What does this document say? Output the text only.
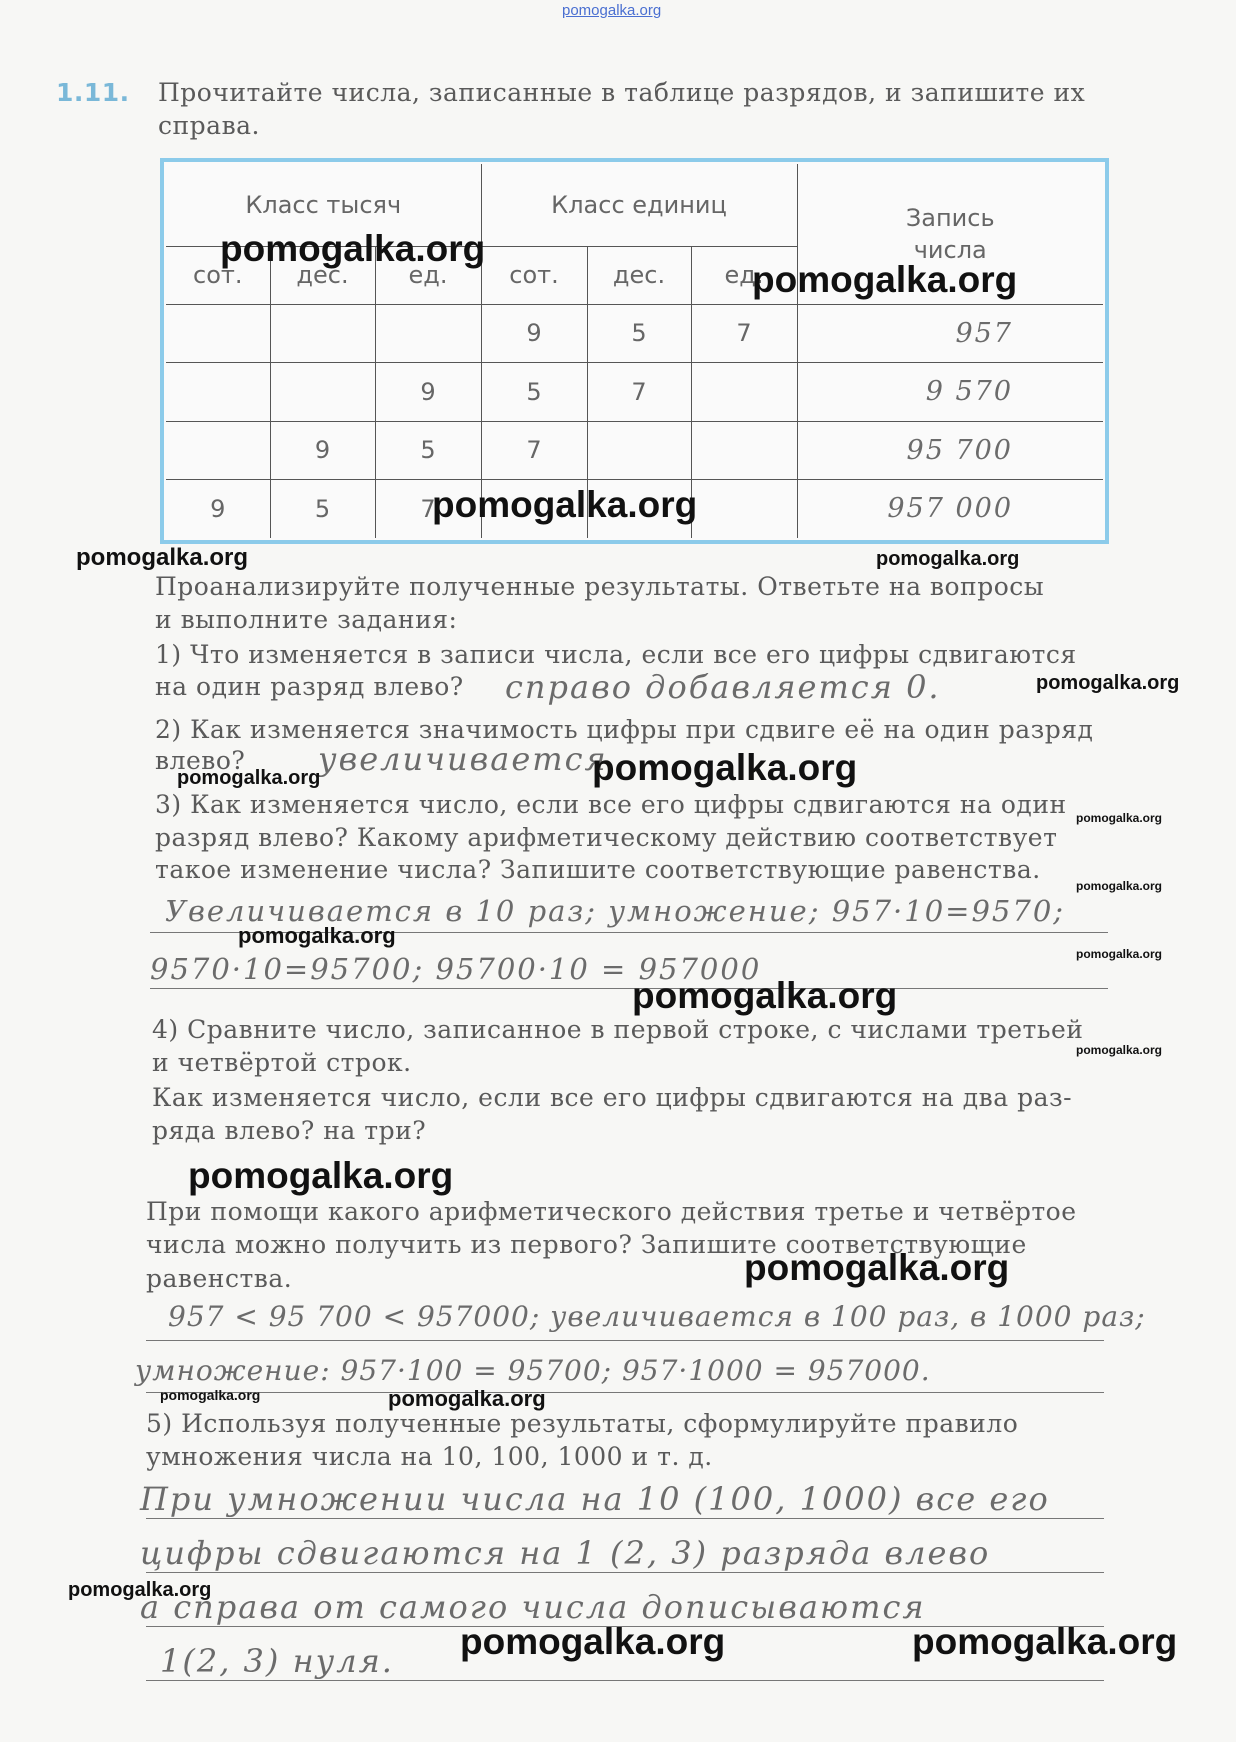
pomogalka.org
1.11. Прочитайте числа, записанные в таблице разрядов, и запишите их
справа.
Класс тысяч			Класс единиц			Запись
числа
сот.	дес.	ед.	сот.	дес.	ед.	
			9	5	7	957
		9	5	7		9 570
	9	5	7			95 700
9	5	7				957 000
Проанализируйте полученные результаты. Ответьте на вопросы
и выполните задания:
1) Что изменяется в записи числа, если все его цифры сдвигаются
на один разряд влево? справо добавляется 0.
2) Как изменяется значимость цифры при сдвиге её на один разряд
влево? увеличивается
3) Как изменяется число, если все его цифры сдвигаются на один
разряд влево? Какому арифметическому действию соответствует
такое изменение числа? Запишите соответствующие равенства.
Увеличивается в 10 раз; умножение; 957·10=9570;
9570·10=95700; 95700·10 = 957000
4) Сравните число, записанное в первой строке, с числами третьей
и четвёртой строк.
Как изменяется число, если все его цифры сдвигаются на два раз-
ряда влево? на три?
При помощи какого арифметического действия третье и четвёртое
числа можно получить из первого? Запишите соответствующие
равенства.
957 < 95 700 < 957000; увеличивается в 100 раз, в 1000 раз;
умножение: 957·100 = 95700; 957·1000 = 957000.
5) Используя полученные результаты, сформулируйте правило
умножения числа на 10, 100, 1000 и т. д.
При умножении числа на 10 (100, 1000) все его
цифры сдвигаются на 1 (2, 3) разряда влево
а справа от самого числа дописываются
1(2, 3) нуля.
pomogalka.org
pomogalka.org
pomogalka.org
pomogalka.org	pomogalka.org
pomogalka.org
pomogalka.org	pomogalka.org
pomogalka.org
pomogalka.org
pomogalka.org
pomogalka.org
pomogalka.org
pomogalka.org
pomogalka.org
pomogalka.org
pomogalka.org	pomogalka.org
pomogalka.org
pomogalka.org	pomogalka.org
